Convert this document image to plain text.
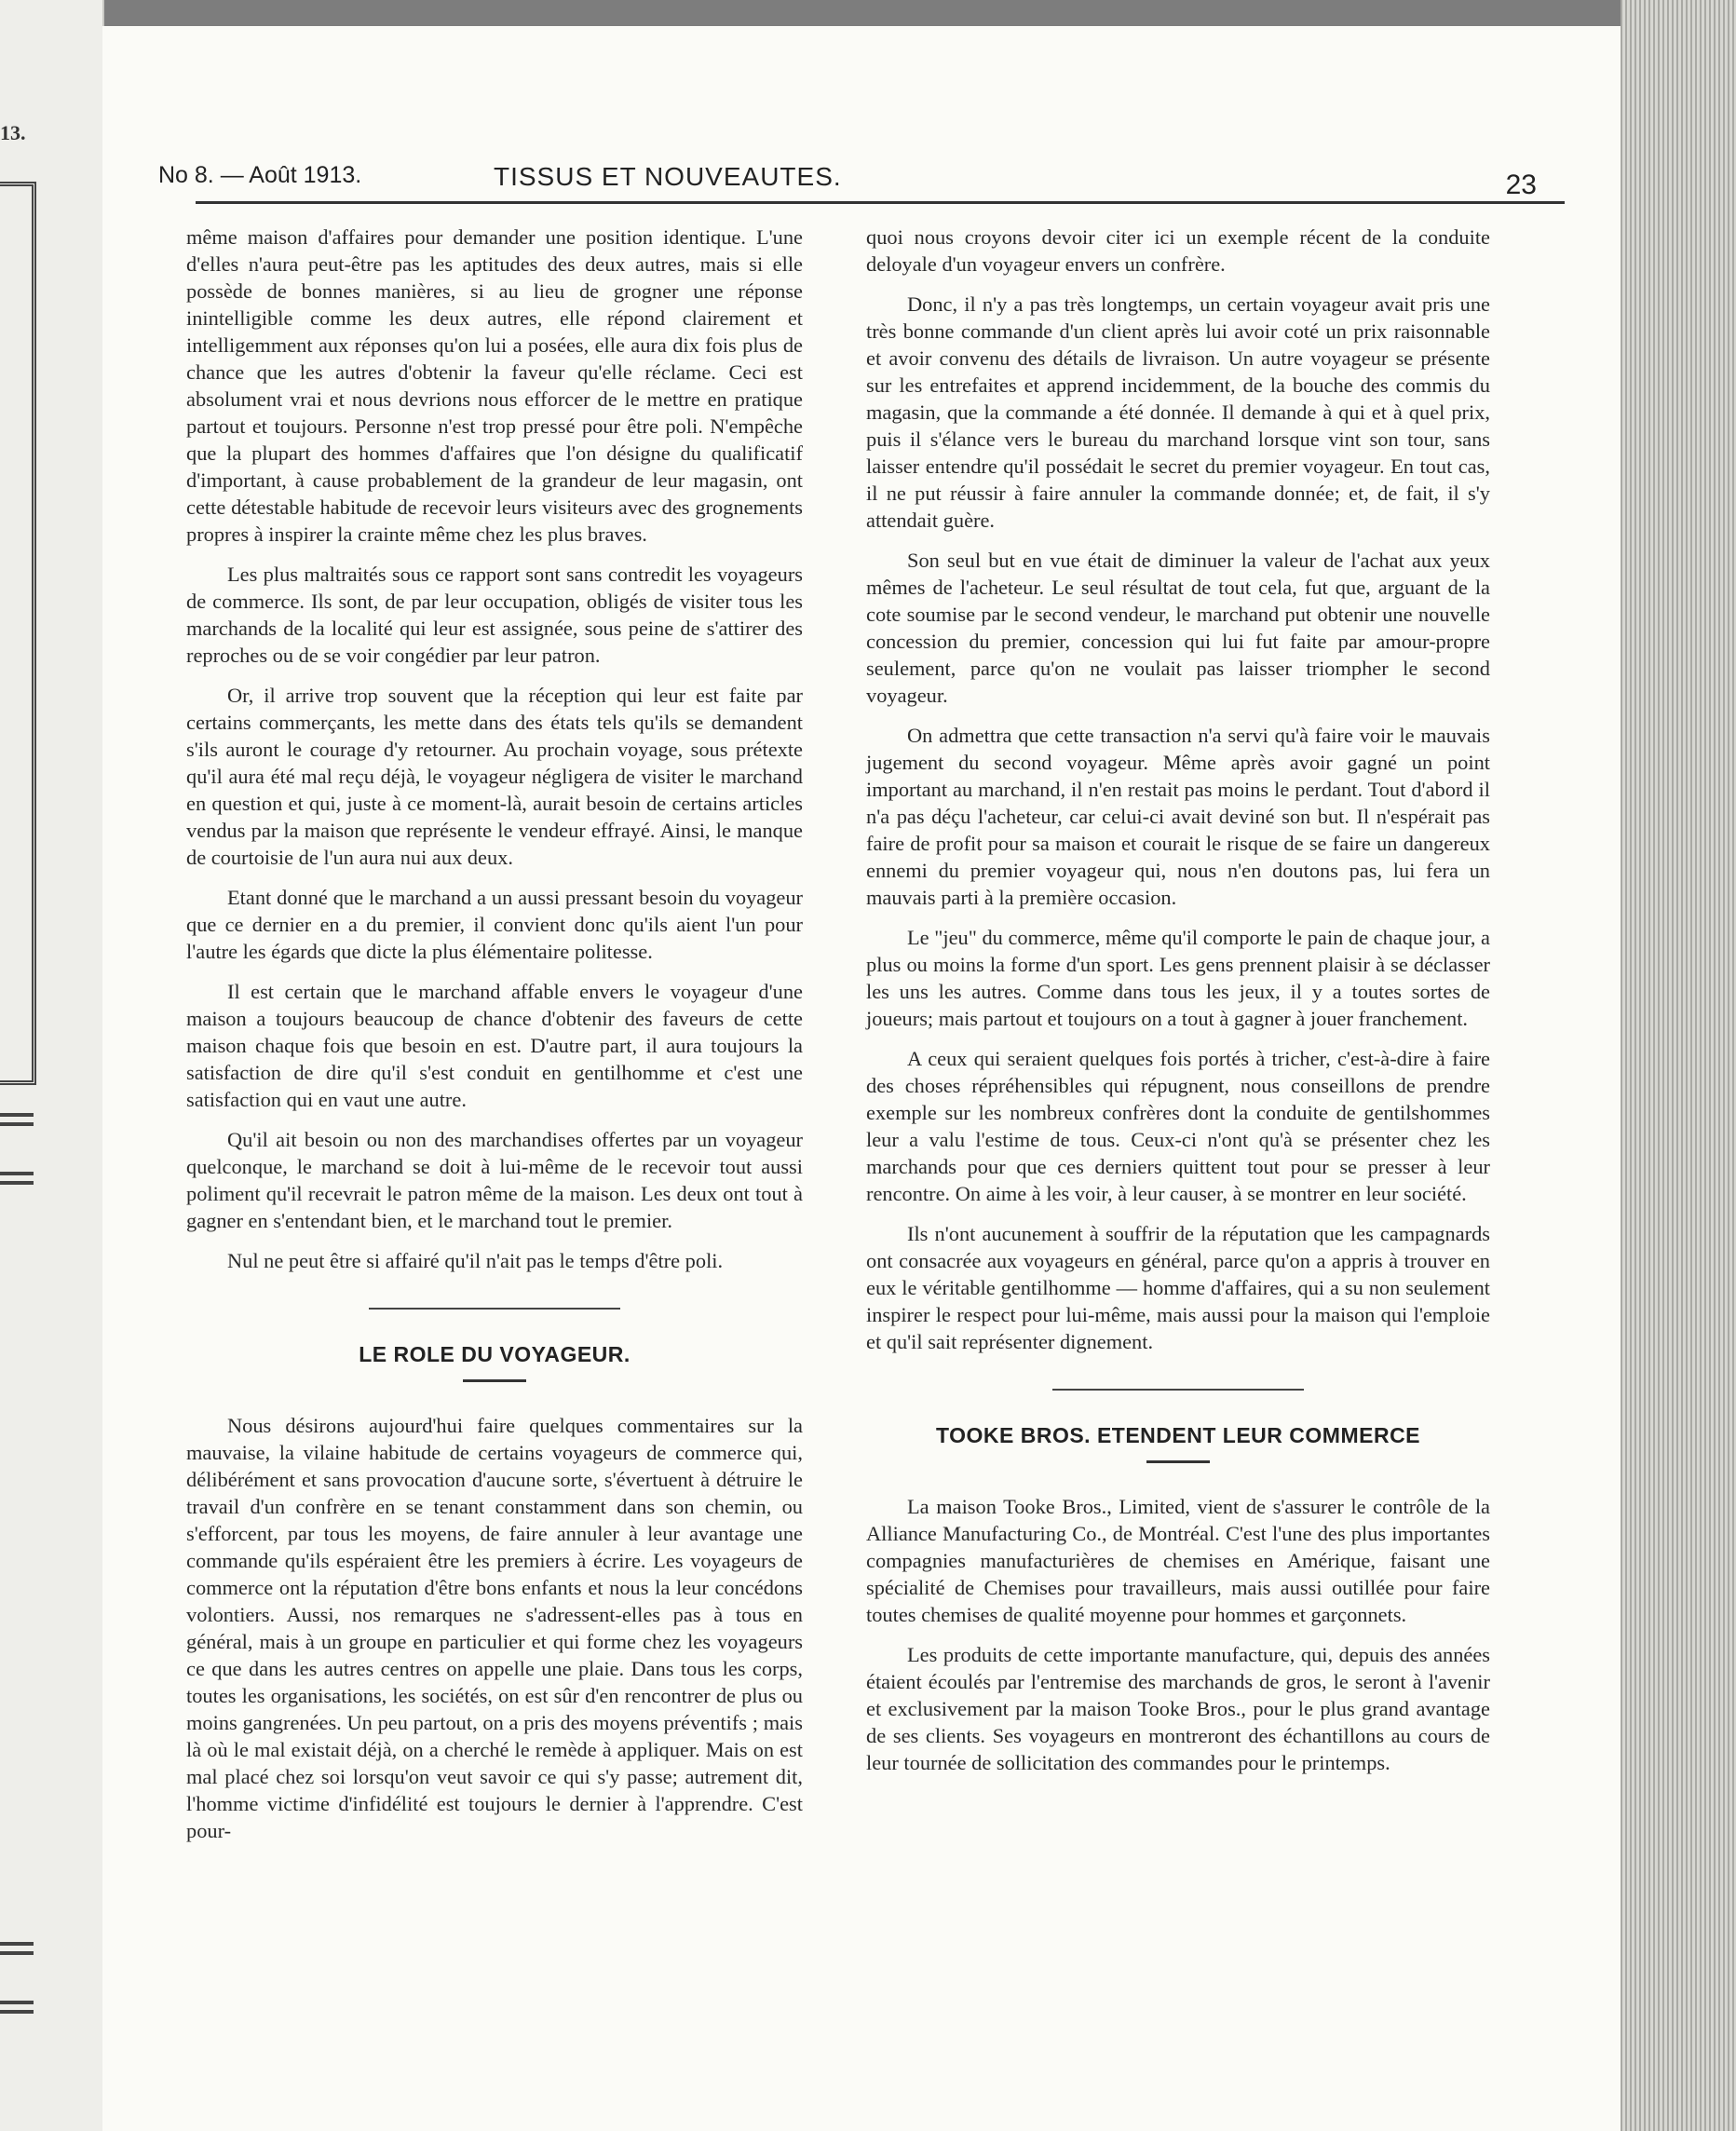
13.
No 8. — Août 1913.	TISSUS ET NOUVEAUTES.	23

même maison d'affaires pour demander une position identique. L'une d'elles n'aura peut-être pas les aptitudes des deux autres, mais si elle possède de bonnes manières, si au lieu de grogner une réponse inintelligible comme les deux autres, elle répond clairement et intelligemment aux réponses qu'on lui a posées, elle aura dix fois plus de chance que les autres d'obtenir la faveur qu'elle réclame. Ceci est absolument vrai et nous devrions nous efforcer de le mettre en pratique partout et toujours. Personne n'est trop pressé pour être poli. N'empêche que la plupart des hommes d'affaires que l'on désigne du qualificatif d'important, à cause probablement de la grandeur de leur magasin, ont cette détestable habitude de recevoir leurs visiteurs avec des grognements propres à inspirer la crainte même chez les plus braves.

Les plus maltraités sous ce rapport sont sans contredit les voyageurs de commerce. Ils sont, de par leur occupation, obligés de visiter tous les marchands de la localité qui leur est assignée, sous peine de s'attirer des reproches ou de se voir congédier par leur patron.

Or, il arrive trop souvent que la réception qui leur est faite par certains commerçants, les mette dans des états tels qu'ils se demandent s'ils auront le courage d'y retourner. Au prochain voyage, sous prétexte qu'il aura été mal reçu déjà, le voyageur négligera de visiter le marchand en question et qui, juste à ce moment-là, aurait besoin de certains articles vendus par la maison que représente le vendeur effrayé. Ainsi, le manque de courtoisie de l'un aura nui aux deux.

Etant donné que le marchand a un aussi pressant besoin du voyageur que ce dernier en a du premier, il convient donc qu'ils aient l'un pour l'autre les égards que dicte la plus élémentaire politesse.

Il est certain que le marchand affable envers le voyageur d'une maison a toujours beaucoup de chance d'obtenir des faveurs de cette maison chaque fois que besoin en est. D'autre part, il aura toujours la satisfaction de dire qu'il s'est conduit en gentilhomme et c'est une satisfaction qui en vaut une autre.

Qu'il ait besoin ou non des marchandises offertes par un voyageur quelconque, le marchand se doit à lui-même de le recevoir tout aussi poliment qu'il recevrait le patron même de la maison. Les deux ont tout à gagner en s'entendant bien, et le marchand tout le premier.

Nul ne peut être si affairé qu'il n'ait pas le temps d'être poli.

LE ROLE DU VOYAGEUR.

Nous désirons aujourd'hui faire quelques commentaires sur la mauvaise, la vilaine habitude de certains voyageurs de commerce qui, délibérément et sans provocation d'aucune sorte, s'évertuent à détruire le travail d'un confrère en se tenant constamment dans son chemin, ou s'efforcent, par tous les moyens, de faire annuler à leur avantage une commande qu'ils espéraient être les premiers à écrire. Les voyageurs de commerce ont la réputation d'être bons enfants et nous la leur concédons volontiers. Aussi, nos remarques ne s'adressent-elles pas à tous en général, mais à un groupe en particulier et qui forme chez les voyageurs ce que dans les autres centres on appelle une plaie. Dans tous les corps, toutes les organisations, les sociétés, on est sûr d'en rencontrer de plus ou moins gangrenées. Un peu partout, on a pris des moyens préventifs ; mais là où le mal existait déjà, on a cherché le remède à appliquer. Mais on est mal placé chez soi lorsqu'on veut savoir ce qui s'y passe; autrement dit, l'homme victime d'infidélité est toujours le dernier à l'apprendre. C'est pour-

quoi nous croyons devoir citer ici un exemple récent de la conduite deloyale d'un voyageur envers un confrère.

Donc, il n'y a pas très longtemps, un certain voyageur avait pris une très bonne commande d'un client après lui avoir coté un prix raisonnable et avoir convenu des détails de livraison. Un autre voyageur se présente sur les entrefaites et apprend incidemment, de la bouche des commis du magasin, que la commande a été donnée. Il demande à qui et à quel prix, puis il s'élance vers le bureau du marchand lorsque vint son tour, sans laisser entendre qu'il possédait le secret du premier voyageur. En tout cas, il ne put réussir à faire annuler la commande donnée; et, de fait, il s'y attendait guère.

Son seul but en vue était de diminuer la valeur de l'achat aux yeux mêmes de l'acheteur. Le seul résultat de tout cela, fut que, arguant de la cote soumise par le second vendeur, le marchand put obtenir une nouvelle concession du premier, concession qui lui fut faite par amour-propre seulement, parce qu'on ne voulait pas laisser triompher le second voyageur.

On admettra que cette transaction n'a servi qu'à faire voir le mauvais jugement du second voyageur. Même après avoir gagné un point important au marchand, il n'en restait pas moins le perdant. Tout d'abord il n'a pas déçu l'acheteur, car celui-ci avait deviné son but. Il n'espérait pas faire de profit pour sa maison et courait le risque de se faire un dangereux ennemi du premier voyageur qui, nous n'en doutons pas, lui fera un mauvais parti à la première occasion.

Le "jeu" du commerce, même qu'il comporte le pain de chaque jour, a plus ou moins la forme d'un sport. Les gens prennent plaisir à se déclasser les uns les autres. Comme dans tous les jeux, il y a toutes sortes de joueurs; mais partout et toujours on a tout à gagner à jouer franchement.

A ceux qui seraient quelques fois portés à tricher, c'est-à-dire à faire des choses répréhensibles qui répugnent, nous conseillons de prendre exemple sur les nombreux confrères dont la conduite de gentilshommes leur a valu l'estime de tous. Ceux-ci n'ont qu'à se présenter chez les marchands pour que ces derniers quittent tout pour se presser à leur rencontre. On aime à les voir, à leur causer, à se montrer en leur société.

Ils n'ont aucunement à souffrir de la réputation que les campagnards ont consacrée aux voyageurs en général, parce qu'on a appris à trouver en eux le véritable gentilhomme — homme d'affaires, qui a su non seulement inspirer le respect pour lui-même, mais aussi pour la maison qui l'emploie et qu'il sait représenter dignement.

TOOKE BROS. ETENDENT LEUR COMMERCE

La maison Tooke Bros., Limited, vient de s'assurer le contrôle de la Alliance Manufacturing Co., de Montréal. C'est l'une des plus importantes compagnies manufacturières de chemises en Amérique, faisant une spécialité de Chemises pour travailleurs, mais aussi outillée pour faire toutes chemises de qualité moyenne pour hommes et garçonnets.

Les produits de cette importante manufacture, qui, depuis des années étaient écoulés par l'entremise des marchands de gros, le seront à l'avenir et exclusivement par la maison Tooke Bros., pour le plus grand avantage de ses clients. Ses voyageurs en montreront des échantillons au cours de leur tournée de sollicitation des commandes pour le printemps.
